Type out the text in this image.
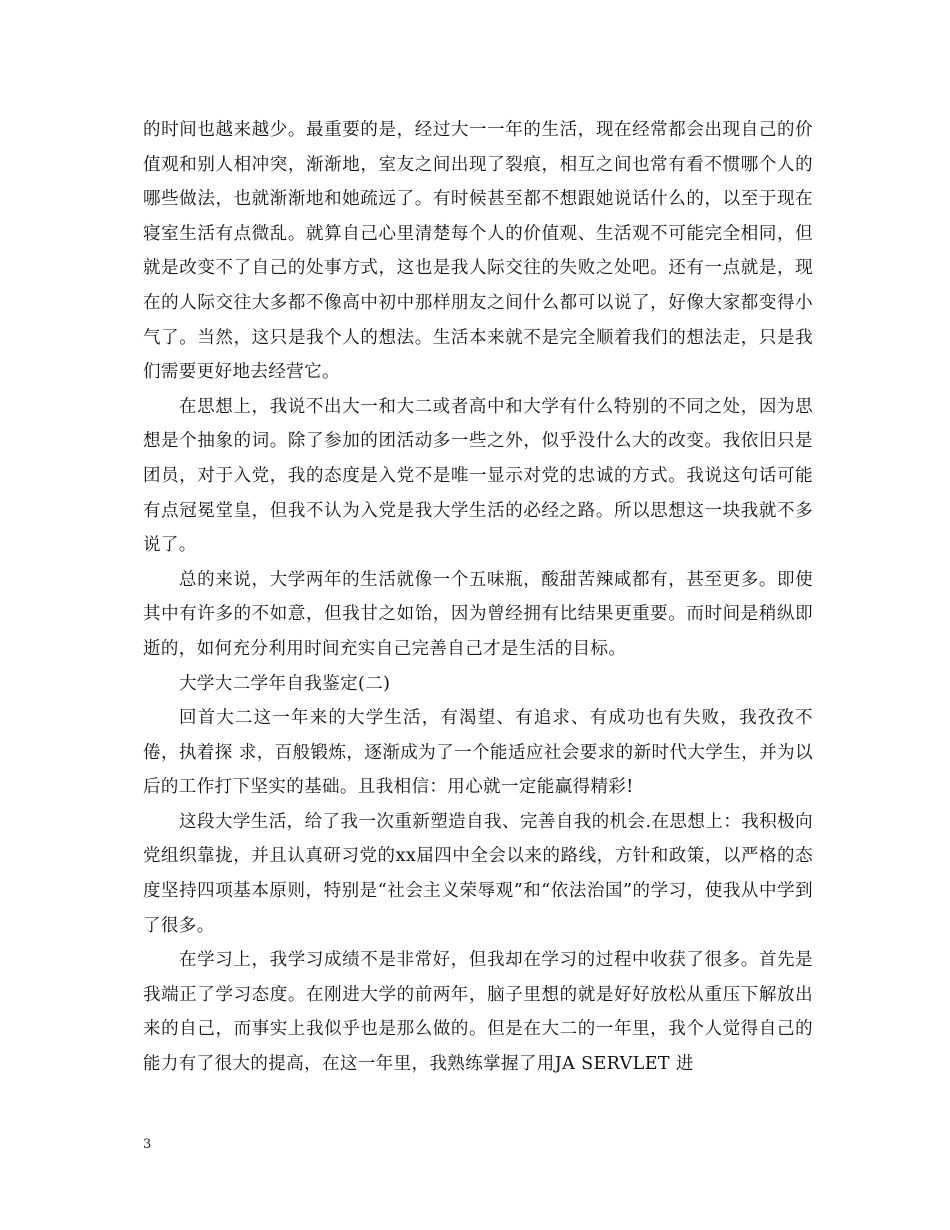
的时间也越来越少。最重要的是，经过大一一年的生活，现在经常都会出现自己的价值观和别人相冲突，渐渐地，室友之间出现了裂痕，相互之间也常有看不惯哪个人的哪些做法，也就渐渐地和她疏远了。有时候甚至都不想跟她说话什么的，以至于现在寝室生活有点微乱。就算自己心里清楚每个人的价值观、生活观不可能完全相同，但就是改变不了自己的处事方式，这也是我人际交往的失败之处吧。还有一点就是，现在的人际交往大多都不像高中初中那样朋友之间什么都可以说了，好像大家都变得小气了。当然，这只是我个人的想法。生活本来就不是完全顺着我们的想法走，只是我们需要更好地去经营它。

在思想上，我说不出大一和大二或者高中和大学有什么特别的不同之处，因为思想是个抽象的词。除了参加的团活动多一些之外，似乎没什么大的改变。我依旧只是团员，对于入党，我的态度是入党不是唯一显示对党的忠诚的方式。我说这句话可能有点冠冕堂皇，但我不认为入党是我大学生活的必经之路。所以思想这一块我就不多说了。

总的来说，大学两年的生活就像一个五味瓶，酸甜苦辣咸都有，甚至更多。即使其中有许多的不如意，但我甘之如饴，因为曾经拥有比结果更重要。而时间是稍纵即逝的，如何充分利用时间充实自己完善自己才是生活的目标。

大学大二学年自我鉴定(二)

回首大二这一年来的大学生活，有渴望、有追求、有成功也有失败，我孜孜不倦，执着探 求，百般锻炼，逐渐成为了一个能适应社会要求的新时代大学生，并为以后的工作打下坚实的基础。且我相信：用心就一定能赢得精彩!

这段大学生活，给了我一次重新塑造自我、完善自我的机会.在思想上：我积极向党组织靠拢，并且认真研习党的xx届四中全会以来的路线，方针和政策，以严格的态度坚持四项基本原则，特别是“社会主义荣辱观”和“依法治国”的学习，使我从中学到了很多。

在学习上，我学习成绩不是非常好，但我却在学习的过程中收获了很多。首先是我端正了学习态度。在刚进大学的前两年，脑子里想的就是好好放松从重压下解放出来的自己，而事实上我似乎也是那么做的。但是在大二的一年里，我个人觉得自己的能力有了很大的提高，在这一年里，我熟练掌握了用JA SERVLET 进

3
